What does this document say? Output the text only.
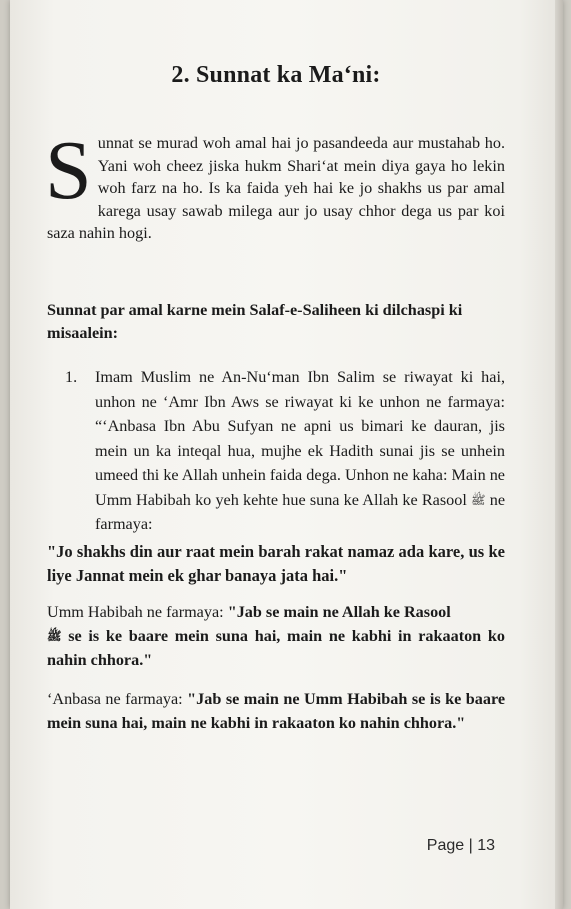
2. Sunnat ka Ma‘ni:
S unnat se murad woh amal hai jo pasandeeda aur mustahab ho. Yani woh cheez jiska hukm Shari‘at mein diya gaya ho lekin woh farz na ho. Is ka faida yeh hai ke jo shakhs us par amal karega usay sawab milega aur jo usay chhor dega us par koi saza nahin hogi.

Sunnat par amal karne mein Salaf-e-Saliheen ki dilchaspi ki misaalein:
1.	Imam Muslim ne An-Nu‘man Ibn Salim se riwayat ki hai, unhon ne ‘Amr Ibn Aws se riwayat ki ke unhon ne farmaya: “‘Anbasa Ibn Abu Sufyan ne apni us bimari ke dauran, jis mein un ka inteqal hua, mujhe ek Hadith sunai jis se unhein umeed thi ke Allah unhein faida dega. Unhon ne kaha: Main ne Umm Habibah ko yeh kehte hue suna ke Allah ke Rasool ﷺ ne farmaya:
"Jo shakhs din aur raat mein barah rakat namaz ada kare, us ke liye Jannat mein ek ghar banaya jata hai."
Umm Habibah ne farmaya: "Jab se main ne Allah ke Rasool
ﷺ se is ke baare mein suna hai, main ne kabhi in rakaaton ko nahin chhora."
‘Anbasa ne farmaya: "Jab se main ne Umm Habibah se is ke baare mein suna hai, main ne kabhi in rakaaton ko nahin chhora."
Page | 13
